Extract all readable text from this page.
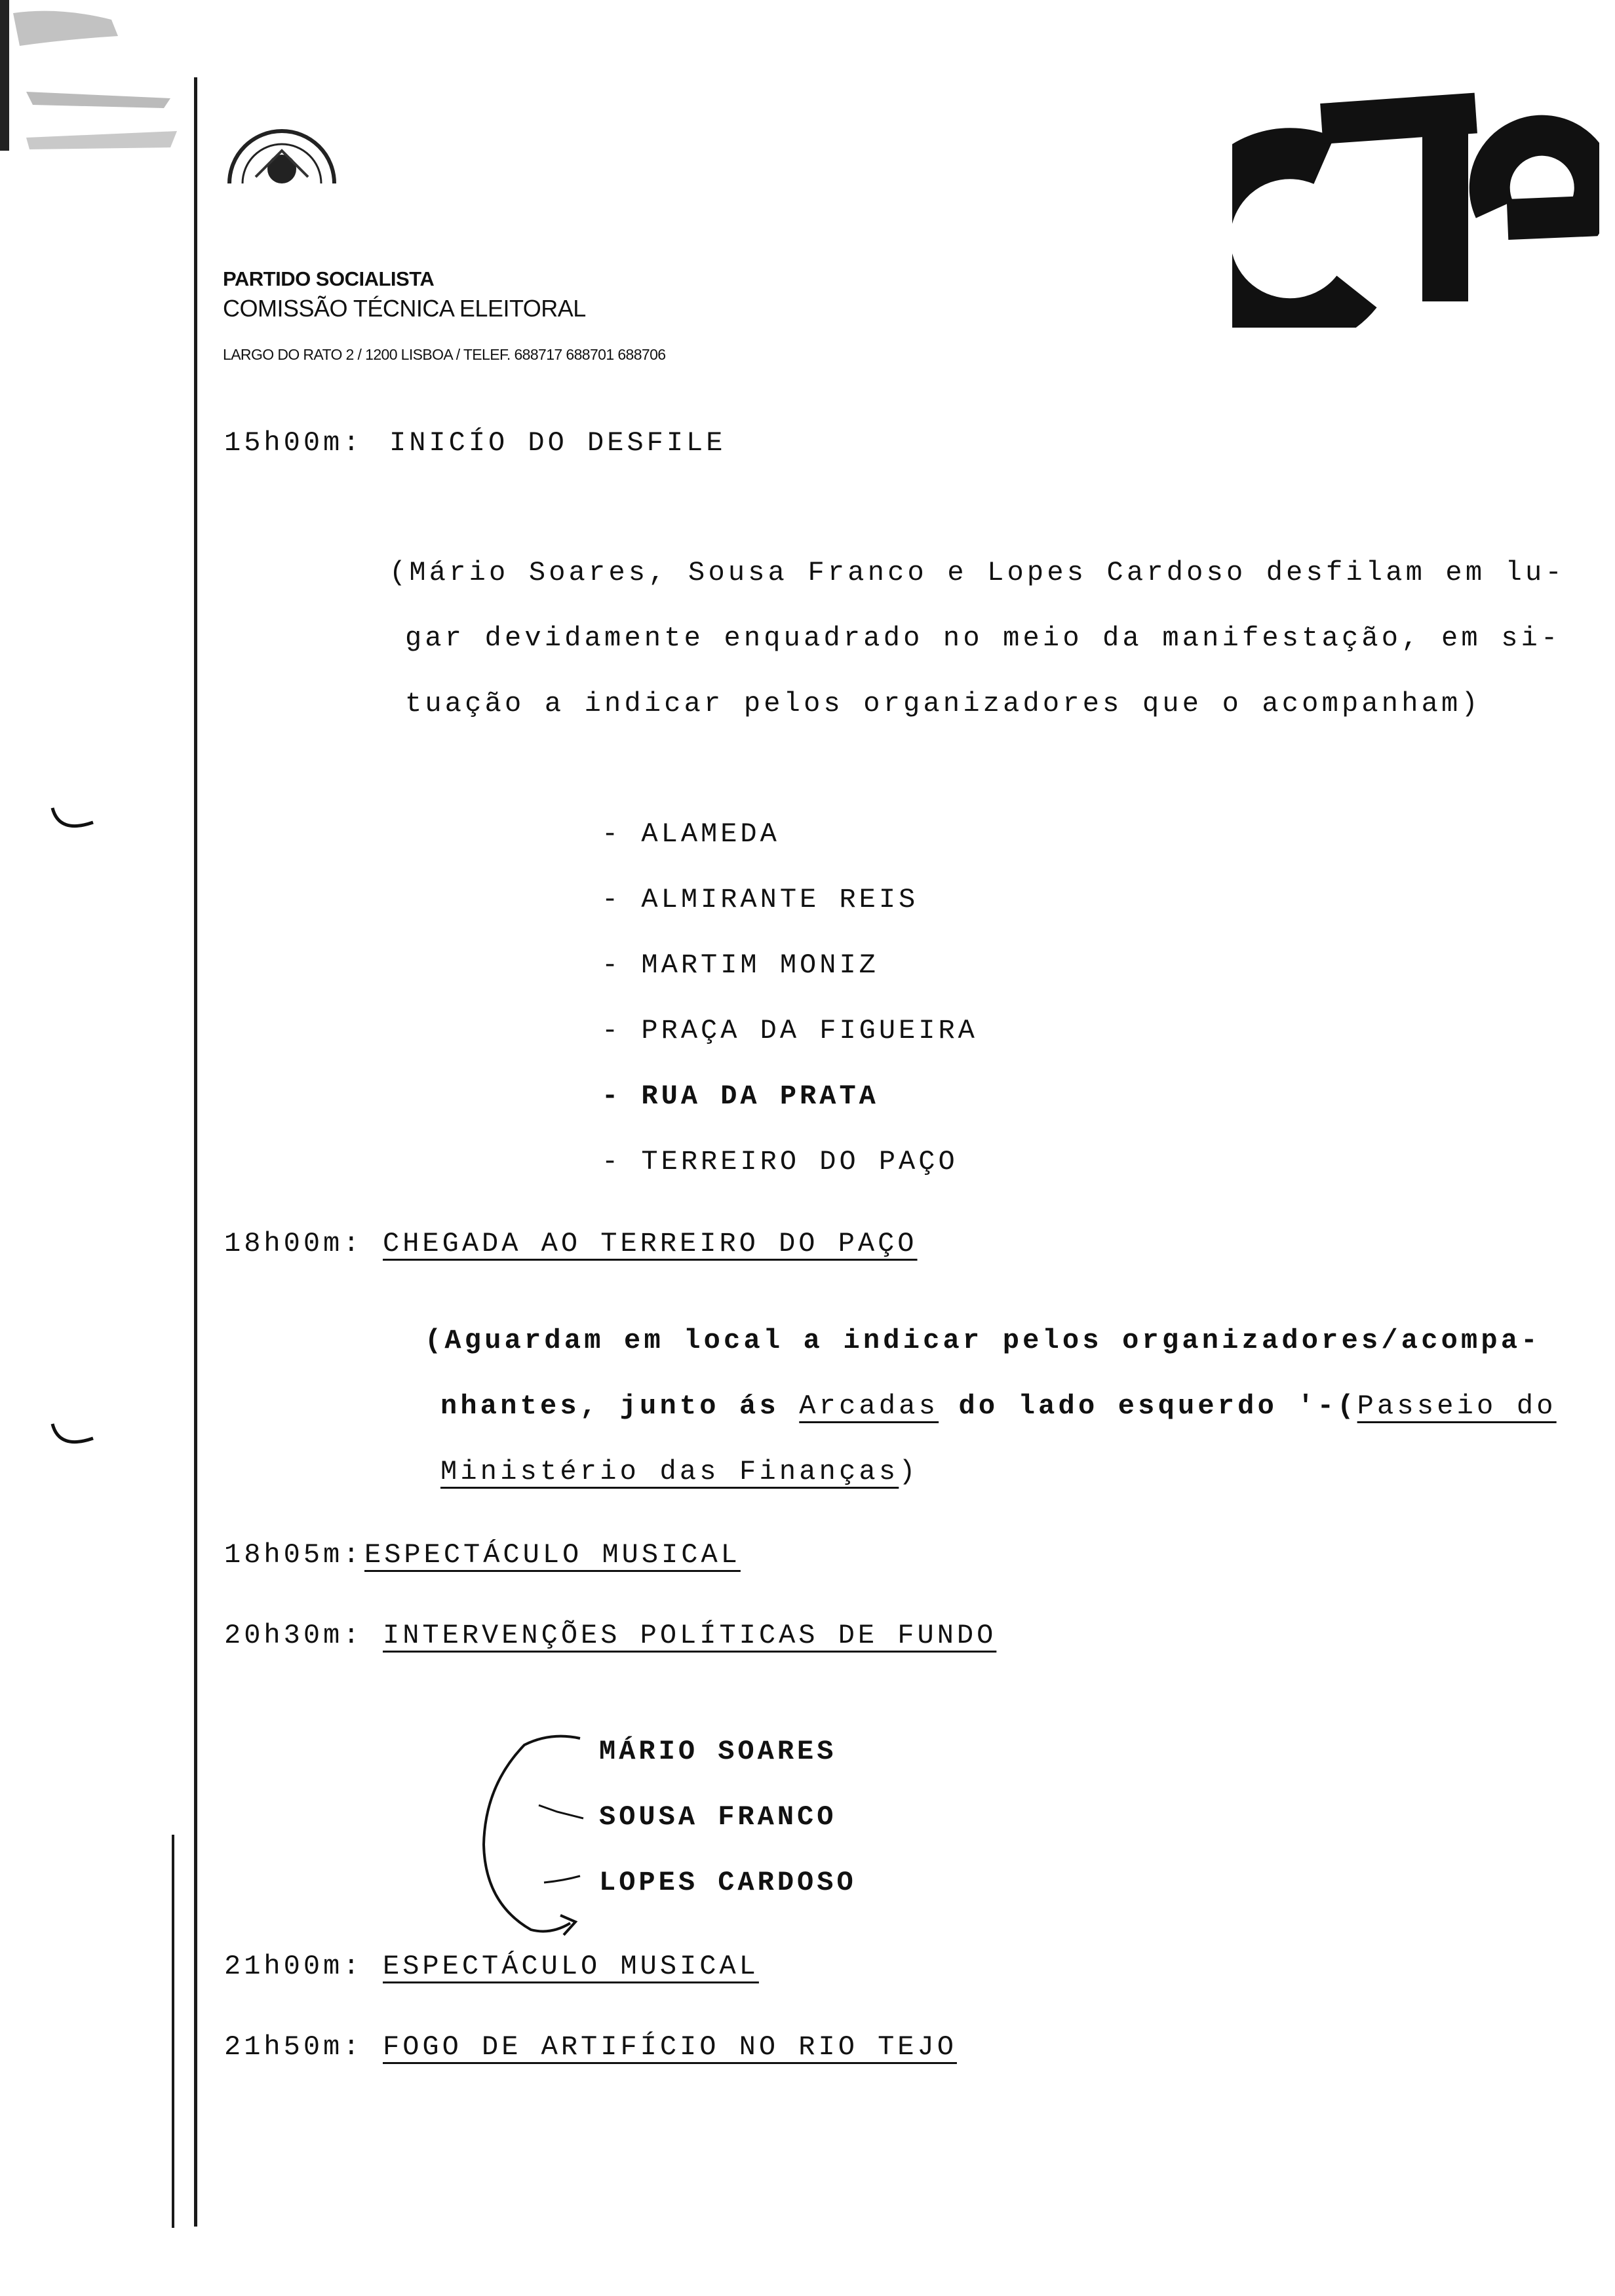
PARTIDO SOCIALISTA
COMISSÃO TÉCNICA ELEITORAL
LARGO DO RATO 2 / 1200 LISBOA / TELEF. 688717 688701 688706
cte
15h00m: INICÍO DO DESFILE
(Mário Soares, Sousa Franco e Lopes Cardoso desfilam em lu-
gar devidamente enquadrado no meio da manifestação, em si-
tuação a indicar pelos organizadores que o acompanham)
- ALAMEDA
- ALMIRANTE REIS
- MARTIM MONIZ
- PRAÇA DA FIGUEIRA
- RUA DA PRATA
- TERREIRO DO PAÇO
18h00m: CHEGADA AO TERREIRO DO PAÇO
(Aguardam em local a indicar pelos organizadores/acompa-
nhantes, junto ás Arcadas do lado esquerdo '-(Passeio do
Ministério das Finanças)
18h05m: ESPECTÁCULO MUSICAL
20h30m: INTERVENÇÕES POLÍTICAS DE FUNDO
MÁRIO SOARES
SOUSA FRANCO
LOPES CARDOSO
21h00m: ESPECTÁCULO MUSICAL
21h50m: FOGO DE ARTIFÍCIO NO RIO TEJO
